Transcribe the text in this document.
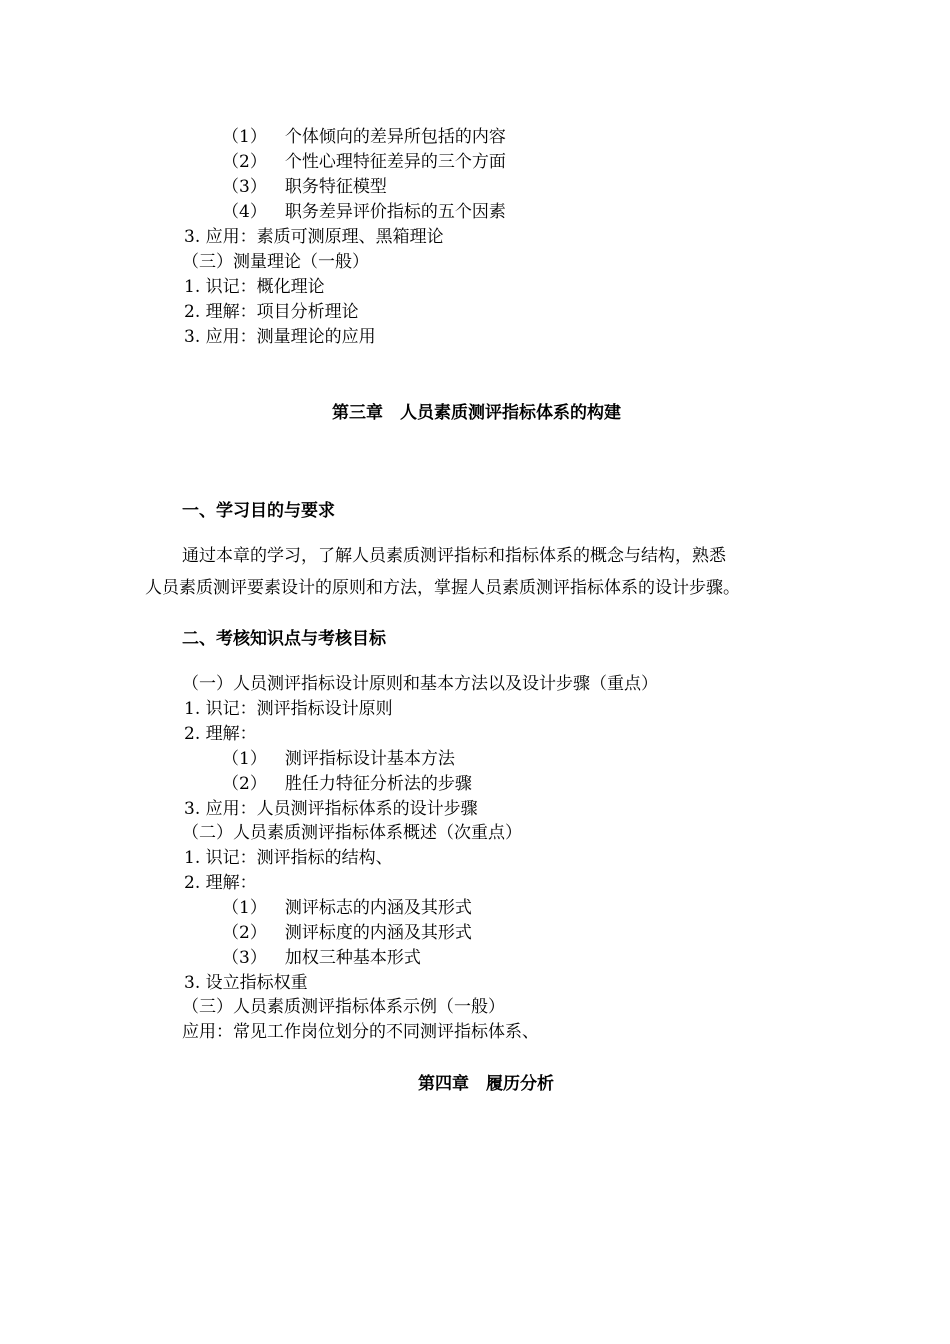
（1） 个体倾向的差异所包括的内容
（2） 个性心理特征差异的三个方面
（3） 职务特征模型
（4） 职务差异评价指标的五个因素
3. 应用：素质可测原理、黑箱理论
（三）测量理论（一般）
1. 识记：概化理论
2. 理解：项目分析理论
3. 应用：测量理论的应用
第三章　人员素质测评指标体系的构建
一、学习目的与要求
通过本章的学习，了解人员素质测评指标和指标体系的概念与结构，熟悉
人员素质测评要素设计的原则和方法，掌握人员素质测评指标体系的设计步骤。
二、考核知识点与考核目标
（一）人员测评指标设计原则和基本方法以及设计步骤（重点）
1. 识记：测评指标设计原则
2. 理解：
（1） 测评指标设计基本方法
（2） 胜任力特征分析法的步骤
3. 应用：人员测评指标体系的设计步骤
（二）人员素质测评指标体系概述（次重点）
1. 识记：测评指标的结构、
2. 理解：
（1） 测评标志的内涵及其形式
（2） 测评标度的内涵及其形式
（3） 加权三种基本形式
3. 设立指标权重
（三）人员素质测评指标体系示例（一般）
应用：常见工作岗位划分的不同测评指标体系、
第四章　履历分析
